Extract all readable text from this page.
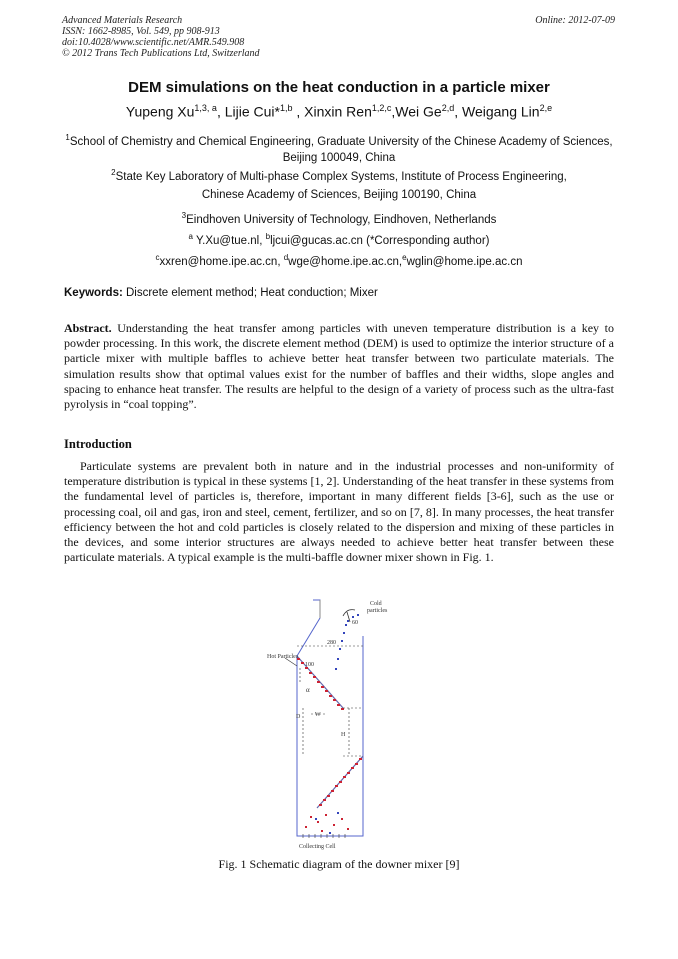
Advanced Materials Research
ISSN: 1662-8985, Vol. 549, pp 908-913
doi:10.4028/www.scientific.net/AMR.549.908
© 2012 Trans Tech Publications Ltd, Switzerland
Online: 2012-07-09
DEM simulations on the heat conduction in a particle mixer
Yupeng Xu$^{1,3, a}$, Lijie Cui*$^{1,b}$ , Xinxin Ren$^{1,2,c}$,Wei Ge$^{2,d}$, Weigang Lin$^{2,e}$
$^1$School of Chemistry and Chemical Engineering, Graduate University of the Chinese Academy of Sciences, Beijing 100049, China
$^2$State Key Laboratory of Multi-phase Complex Systems, Institute of Process Engineering,
Chinese Academy of Sciences, Beijing 100190, China
$^3$Eindhoven University of Technology, Eindhoven, Netherlands
$^a$ Y.Xu@tue.nl, $^b$ljcui@gucas.ac.cn (*Corresponding author)
$^c$xxren@home.ipe.ac.cn, $^d$wge@home.ipe.ac.cn,$^e$wglin@home.ipe.ac.cn
Keywords: Discrete element method; Heat conduction; Mixer
Abstract. Understanding the heat transfer among particles with uneven temperature distribution is a key to powder processing. In this work, the discrete element method (DEM) is used to optimize the interior structure of a particle mixer with multiple baffles to achieve better heat transfer between two particulate materials. The simulation results show that optimal values exist for the number of baffles and their widths, slope angles and spacing to enhance heat transfer. The results are helpful to the design of a variety of process such as the ultra-fast pyrolysis in “coal topping”.
Introduction
Particulate systems are prevalent both in nature and in the industrial processes and non-uniformity of temperature distribution is typical in these systems [1, 2]. Understanding of the heat transfer in these systems from the fundamental level of particles is, therefore, important in many different fields [3-6], such as the use or processing coal, oil and gas, iron and steel, cement, fertilizer, and so on [7, 8]. In many processes, the heat transfer efficiency between the hot and cold particles is closely related to the dispersion and mixing of these particles in the devices, and some interior structures are always needed to achieve better heat transfer between these particulate materials. A typical example is the multi-baffle downer mixer shown in Fig. 1.
Cold
particles
60
280
Hot Particles
100
α
W
D
H
Collecting Cell
Fig. 1 Schematic diagram of the downer mixer [9]
